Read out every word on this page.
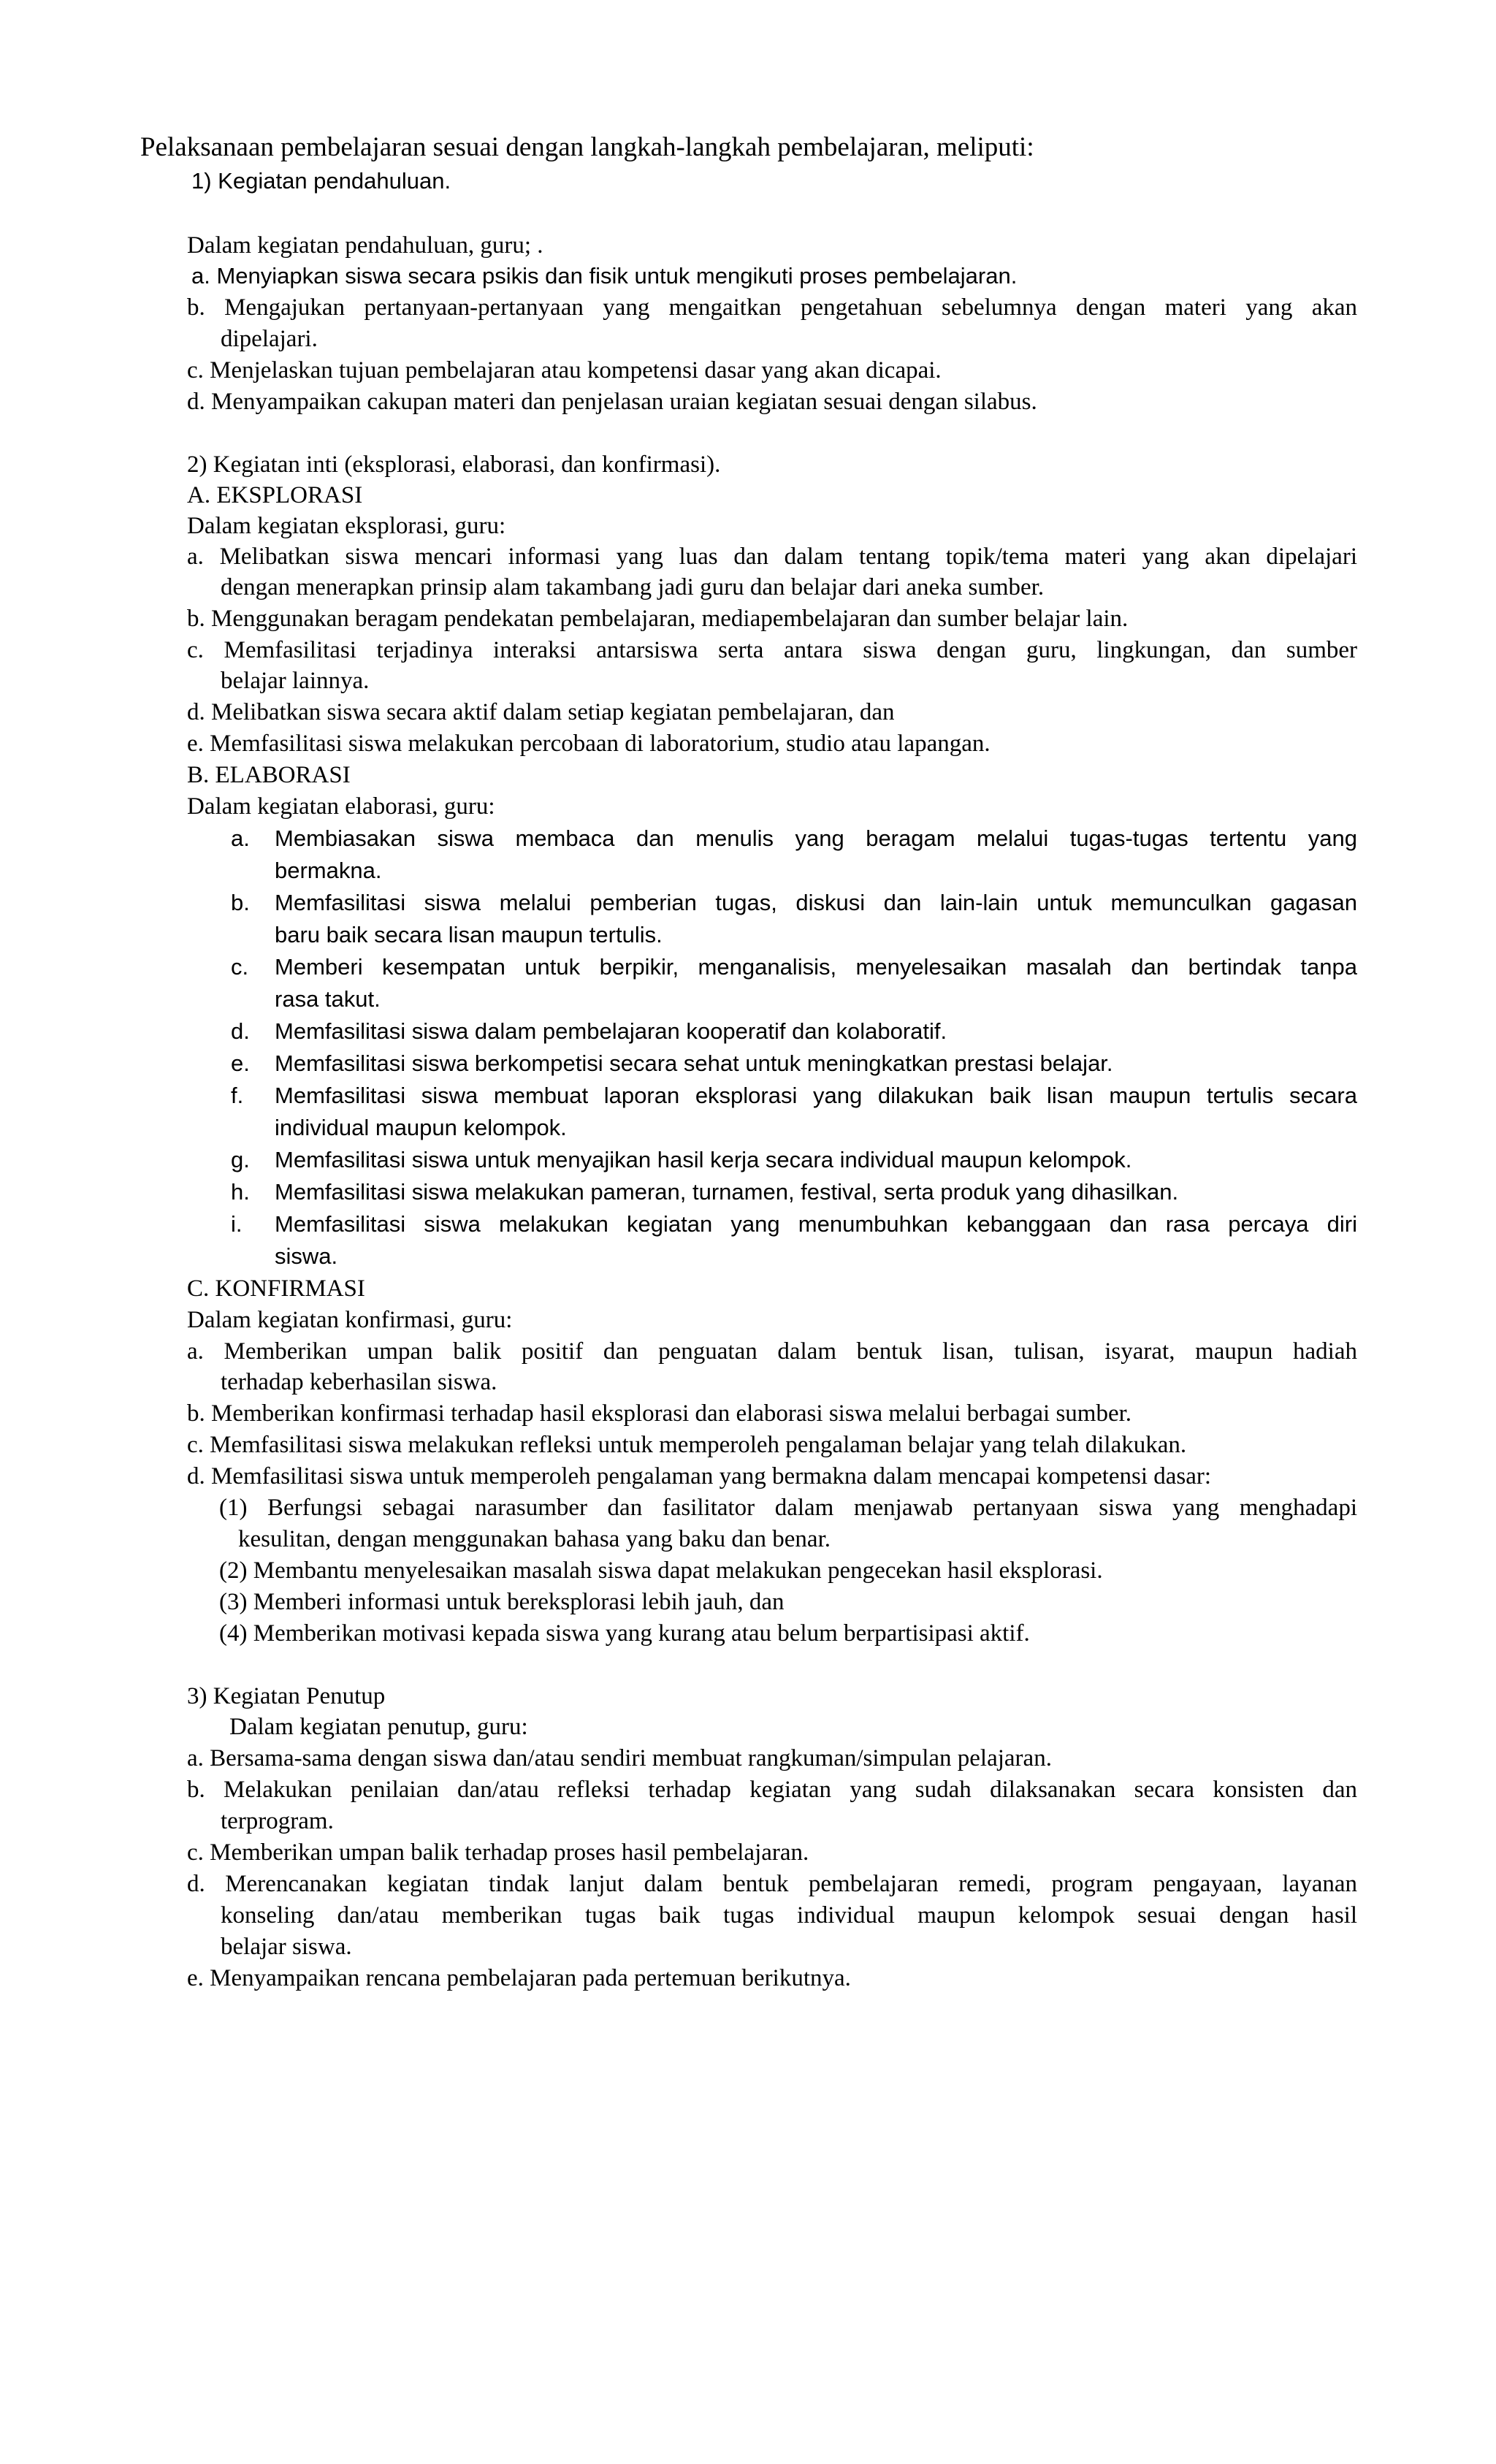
Pelaksanaan pembelajaran sesuai dengan langkah-langkah pembelajaran, meliputi:
1) Kegiatan pendahuluan.
Dalam kegiatan pendahuluan, guru; .
a. Menyiapkan siswa secara psikis dan fisik untuk mengikuti proses pembelajaran.
b. Mengajukan pertanyaan-pertanyaan yang mengaitkan pengetahuan sebelumnya dengan materi yang akan
dipelajari.
c. Menjelaskan tujuan pembelajaran atau kompetensi dasar yang akan dicapai.
d. Menyampaikan cakupan materi dan penjelasan uraian kegiatan sesuai dengan silabus.
2) Kegiatan inti (eksplorasi, elaborasi, dan konfirmasi).
A. EKSPLORASI
Dalam kegiatan eksplorasi, guru:
a. Melibatkan siswa mencari informasi yang luas dan dalam tentang topik/tema materi yang akan dipelajari
dengan menerapkan prinsip alam takambang jadi guru dan belajar dari aneka sumber.
b. Menggunakan beragam pendekatan pembelajaran, mediapembelajaran dan sumber belajar lain.
c. Memfasilitasi terjadinya interaksi antarsiswa serta antara siswa dengan guru, lingkungan, dan sumber
belajar lainnya.
d. Melibatkan siswa secara aktif dalam setiap kegiatan pembelajaran, dan
e. Memfasilitasi siswa melakukan percobaan di laboratorium, studio atau lapangan.
B. ELABORASI
Dalam kegiatan elaborasi, guru:
a. Membiasakan siswa membaca dan menulis yang beragam melalui tugas-tugas tertentu yang
bermakna.
b. Memfasilitasi siswa melalui pemberian tugas, diskusi dan lain-lain untuk memunculkan gagasan
baru baik secara lisan maupun tertulis.
c. Memberi kesempatan untuk berpikir, menganalisis, menyelesaikan masalah dan bertindak tanpa
rasa takut.
d. Memfasilitasi siswa dalam pembelajaran kooperatif dan kolaboratif.
e. Memfasilitasi siswa berkompetisi secara sehat untuk meningkatkan prestasi belajar.
f. Memfasilitasi siswa membuat laporan eksplorasi yang dilakukan baik lisan maupun tertulis secara
individual maupun kelompok.
g. Memfasilitasi siswa untuk menyajikan hasil kerja secara individual maupun kelompok.
h. Memfasilitasi siswa melakukan pameran, turnamen, festival, serta produk yang dihasilkan.
i. Memfasilitasi siswa melakukan kegiatan yang menumbuhkan kebanggaan dan rasa percaya diri
siswa.
C. KONFIRMASI
Dalam kegiatan konfirmasi, guru:
a. Memberikan umpan balik positif dan penguatan dalam bentuk lisan, tulisan, isyarat, maupun hadiah
terhadap keberhasilan siswa.
b. Memberikan konfirmasi terhadap hasil eksplorasi dan elaborasi siswa melalui berbagai sumber.
c. Memfasilitasi siswa melakukan refleksi untuk memperoleh pengalaman belajar yang telah dilakukan.
d. Memfasilitasi siswa untuk memperoleh pengalaman yang bermakna dalam mencapai kompetensi dasar:
(1) Berfungsi sebagai narasumber dan fasilitator dalam menjawab pertanyaan siswa yang menghadapi
kesulitan, dengan menggunakan bahasa yang baku dan benar.
(2) Membantu menyelesaikan masalah siswa dapat melakukan pengecekan hasil eksplorasi.
(3) Memberi informasi untuk bereksplorasi lebih jauh, dan
(4) Memberikan motivasi kepada siswa yang kurang atau belum berpartisipasi aktif.
3) Kegiatan Penutup
Dalam kegiatan penutup, guru:
a. Bersama-sama dengan siswa dan/atau sendiri membuat rangkuman/simpulan pelajaran.
b. Melakukan penilaian dan/atau refleksi terhadap kegiatan yang sudah dilaksanakan secara konsisten dan
terprogram.
c. Memberikan umpan balik terhadap proses hasil pembelajaran.
d. Merencanakan kegiatan tindak lanjut dalam bentuk pembelajaran remedi, program pengayaan, layanan
konseling dan/atau memberikan tugas baik tugas individual maupun kelompok sesuai dengan hasil
belajar siswa.
e. Menyampaikan rencana pembelajaran pada pertemuan berikutnya.
